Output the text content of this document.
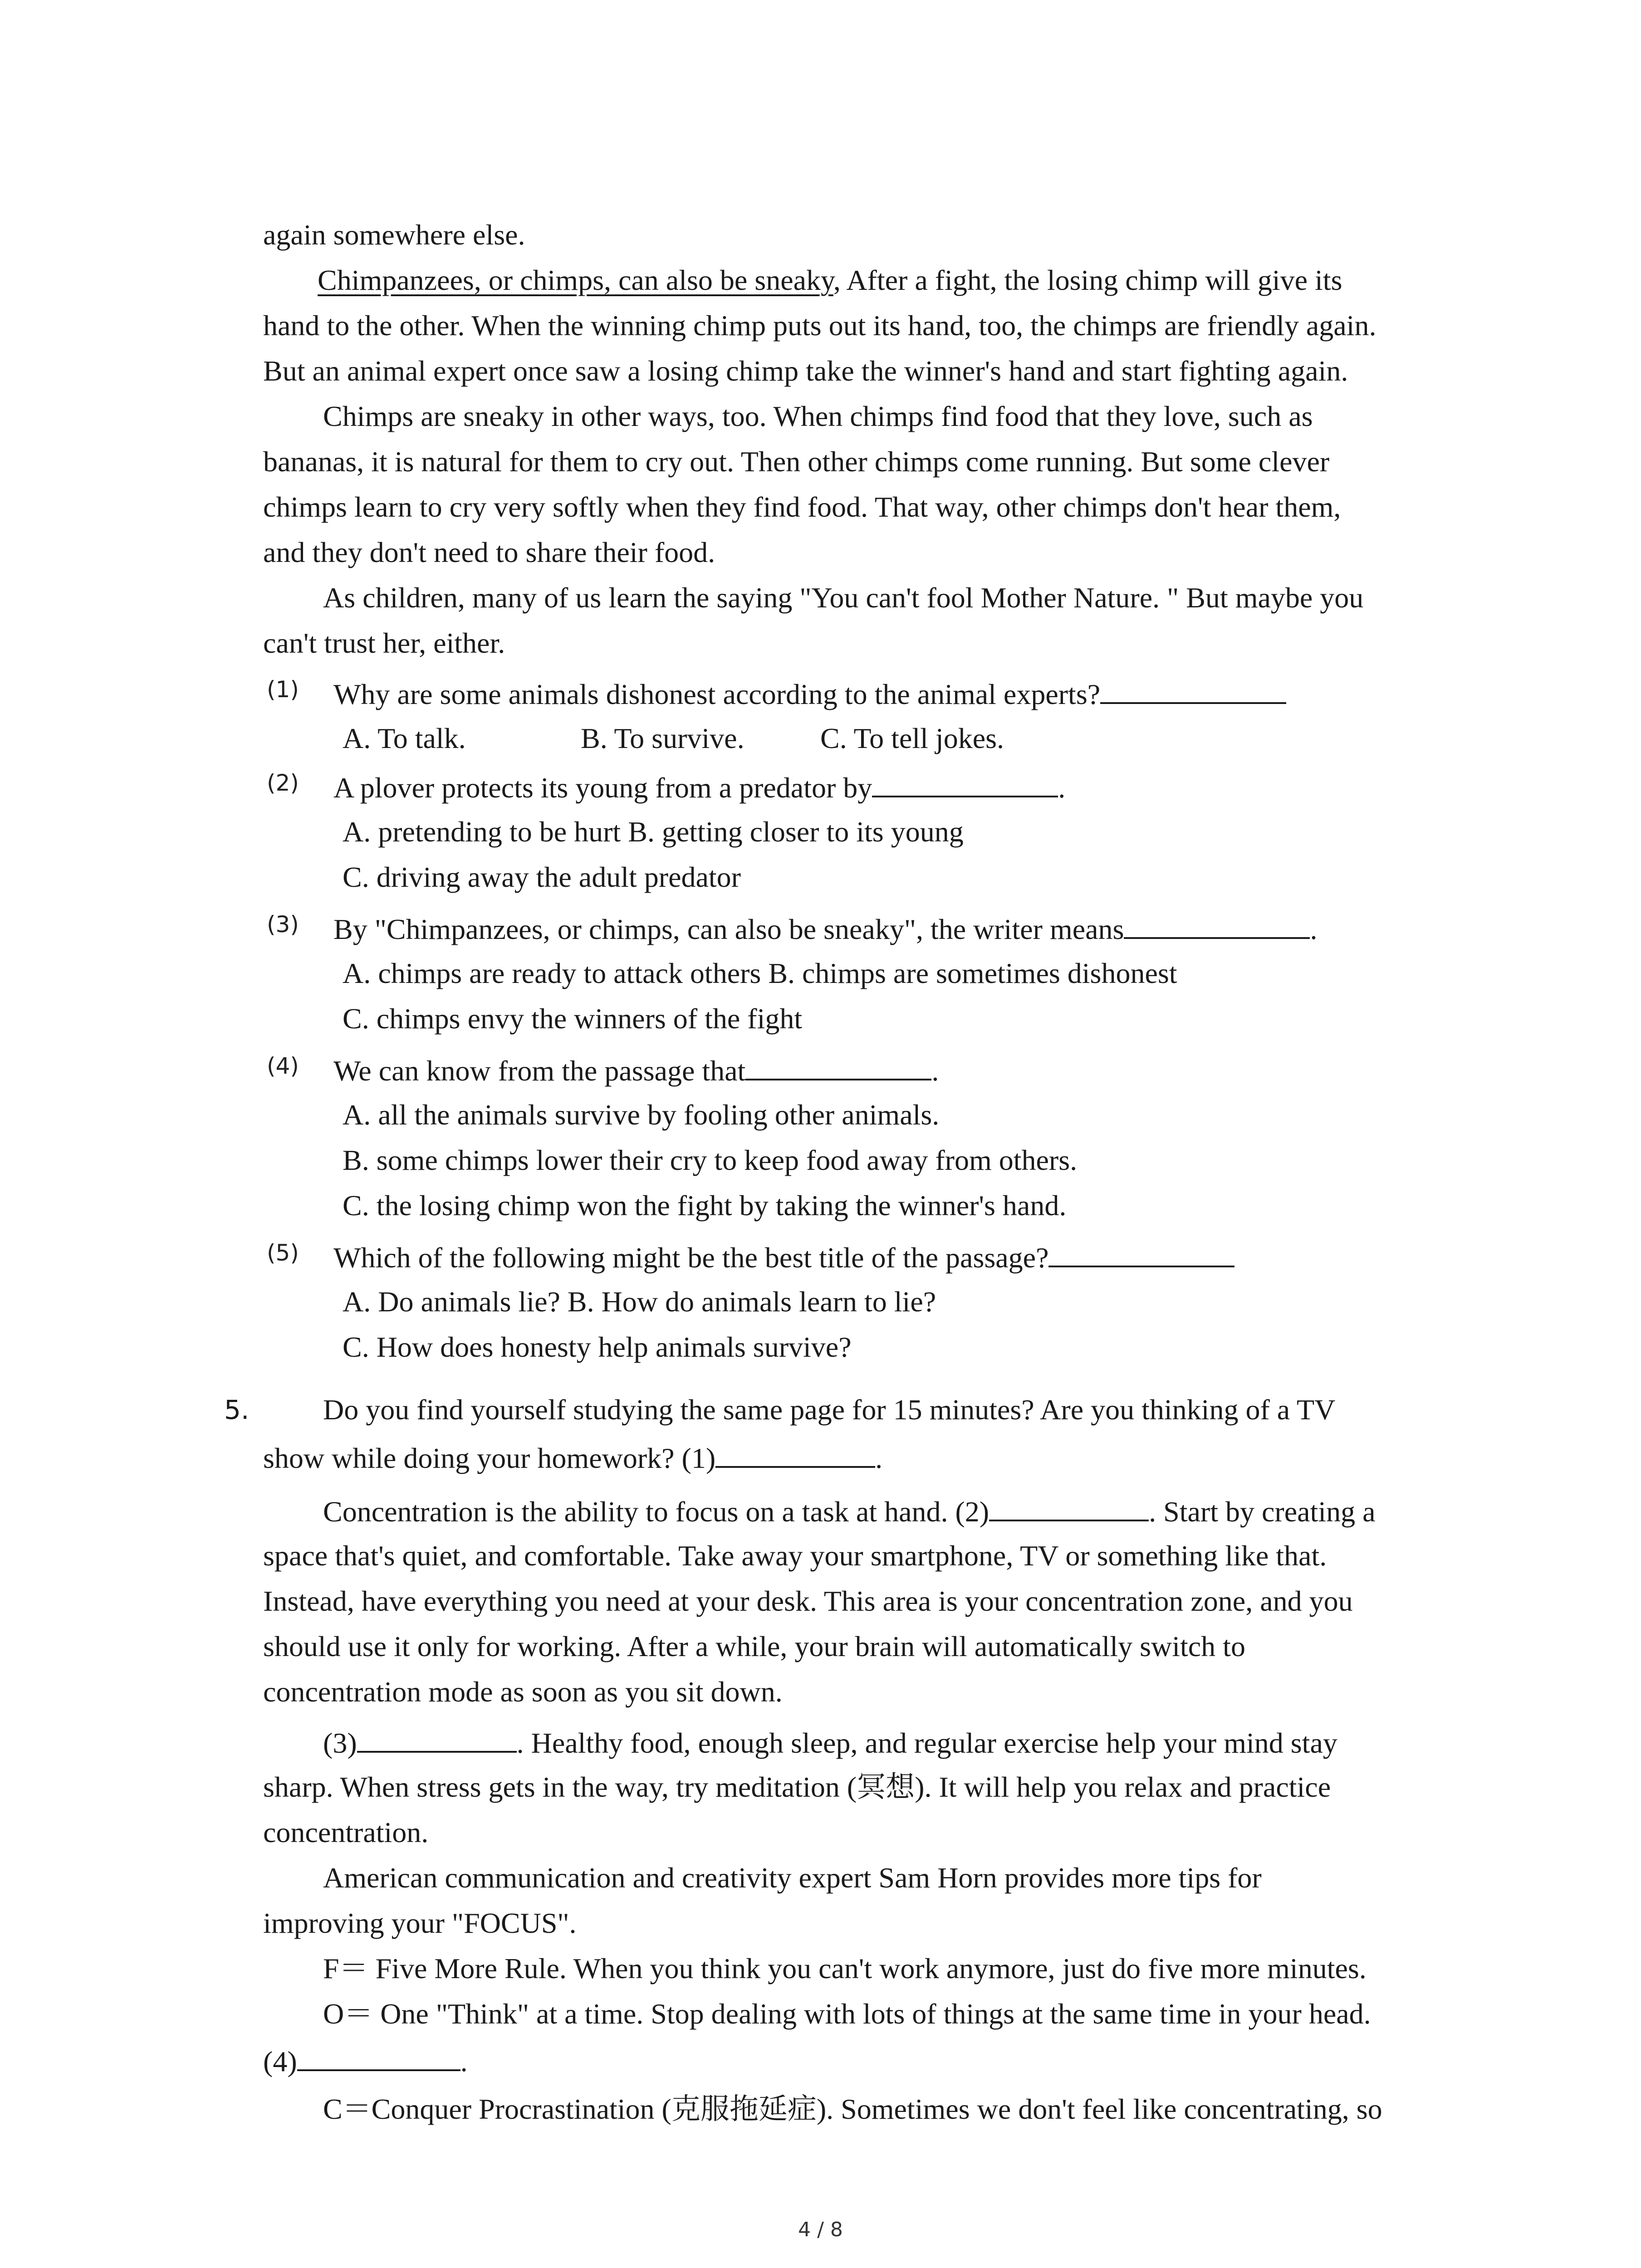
again somewhere else.
Chimpanzees, or chimps, can also be sneaky, After a fight, the losing chimp will give its
hand to the other. When the winning chimp puts out its hand, too, the chimps are friendly again.
But an animal expert once saw a losing chimp take the winner's hand and start fighting again.
Chimps are sneaky in other ways, too. When chimps find food that they love, such as
bananas, it is natural for them to cry out. Then other chimps come running. But some clever
chimps learn to cry very softly when they find food. That way, other chimps don't hear them,
and they don't need to share their food.
As children, many of us learn the saying "You can't fool Mother Nature. " But maybe you
can't trust her, either.
(1) Why are some animals dishonest according to the animal experts?
A. To talk.	B. To survive.	C. To tell jokes.
(2) A plover protects its young from a predator by	.
A. pretending to be hurt B. getting closer to its young
C. driving away the adult predator
(3) By "Chimpanzees, or chimps, can also be sneaky", the writer means	.
A. chimps are ready to attack others B. chimps are sometimes dishonest
C. chimps envy the winners of the fight
(4) We can know from the passage that	.
A. all the animals survive by fooling other animals.
B. some chimps lower their cry to keep food away from others.
C. the losing chimp won the fight by taking the winner's hand.
(5) Which of the following might be the best title of the passage?
A. Do animals lie? B. How do animals learn to lie?
C. How does honesty help animals survive?
5.	Do you find yourself studying the same page for 15 minutes? Are you thinking of a TV
show while doing your homework? (1)	.
Concentration is the ability to focus on a task at hand. (2)	. Start by creating a
space that's quiet, and comfortable. Take away your smartphone, TV or something like that.
Instead, have everything you need at your desk. This area is your concentration zone, and you
should use it only for working. After a while, your brain will automatically switch to
concentration mode as soon as you sit down.
(3)	. Healthy food, enough sleep, and regular exercise help your mind stay
sharp. When stress gets in the way, try meditation (冥想). It will help you relax and practice
concentration.
American communication and creativity expert Sam Horn provides more tips for
improving your "FOCUS".
F＝ Five More Rule. When you think you can't work anymore, just do five more minutes.
O＝ One "Think" at a time. Stop dealing with lots of things at the same time in your head.
(4)	.
C＝Conquer Procrastination (克服拖延症). Sometimes we don't feel like concentrating, so
4 / 8
